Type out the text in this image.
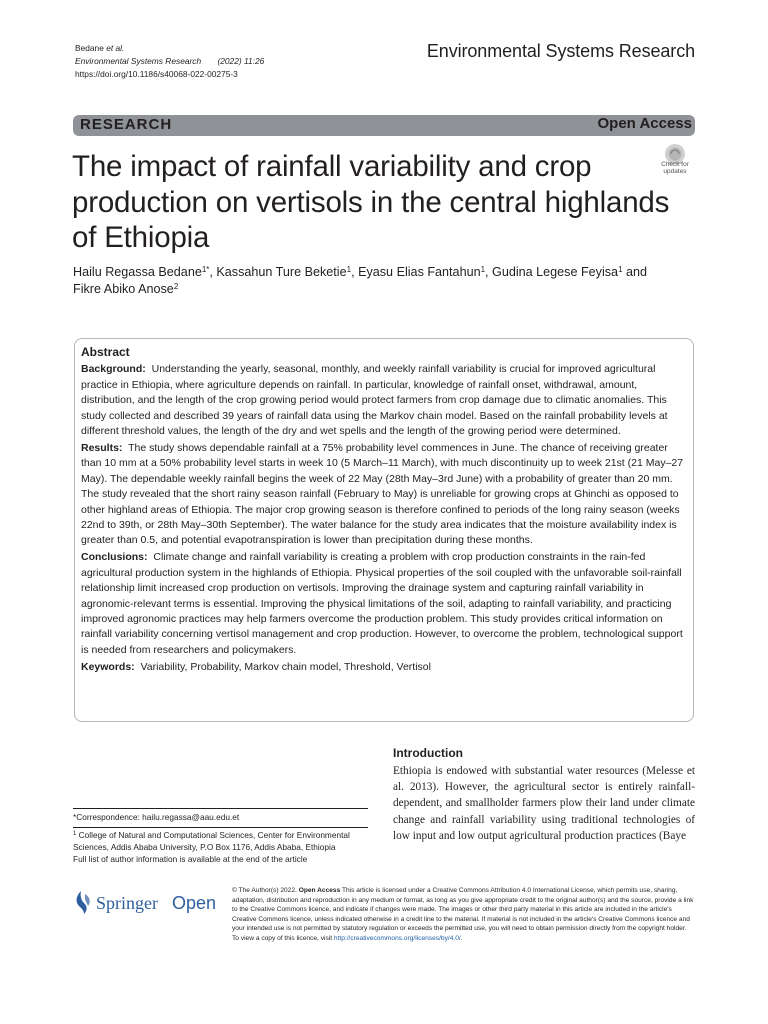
Bedane et al.
Environmental Systems Research (2022) 11:26
https://doi.org/10.1186/s40068-022-00275-3
Environmental Systems Research
RESEARCH	Open Access
The impact of rainfall variability and crop production on vertisols in the central highlands of Ethiopia
Check for
updates
Hailu Regassa Bedane$^{1*}$, Kassahun Ture Beketie$^1$, Eyasu Elias Fantahun$^1$, Gudina Legese Feyisa$^1$ and
Fikre Abiko Anose$^2$
Abstract

Background: Understanding the yearly, seasonal, monthly, and weekly rainfall variability is crucial for improved agricultural practice in Ethiopia, where agriculture depends on rainfall. In particular, knowledge of rainfall onset, withdrawal, amount, distribution, and the length of the crop growing period would protect farmers from crop damage due to climatic anomalies. This study collected and described 39 years of rainfall data using the Markov chain model. Based on the rainfall probability levels at different threshold values, the length of the dry and wet spells and the length of the growing period were determined.

Results: The study shows dependable rainfall at a 75% probability level commences in June. The chance of receiving greater than 10 mm at a 50% probability level starts in week 10 (5 March–11 March), with much discontinuity up to week 21st (21 May–27 May). The dependable weekly rainfall begins the week of 22 May (28th May–3rd June) with a probability of greater than 20 mm. The study revealed that the short rainy season rainfall (February to May) is unreliable for growing crops at Ghinchi as opposed to other highland areas of Ethiopia. The major crop growing season is therefore confined to periods of the long rainy season (weeks 22nd to 39th, or 28th May–30th September). The water balance for the study area indicates that the moisture availability index is greater than 0.5, and potential evapotranspiration is lower than precipitation during these months.

Conclusions: Climate change and rainfall variability is creating a problem with crop production constraints in the rain-fed agricultural production system in the highlands of Ethiopia. Physical properties of the soil coupled with the unfavorable soil-rainfall relationship limit increased crop production on vertisols. Improving the drainage system and capturing rainfall variability in agronomic-relevant terms is essential. Improving the physical limitations of the soil, adapting to rainfall variability, and practicing improved agronomic practices may help farmers overcome the production problem. This study provides critical information on rainfall variability concerning vertisol management and crop production. However, to overcome the problem, technological support is needed from researchers and policymakers.

Keywords: Variability, Probability, Markov chain model, Threshold, Vertisol

Introduction
Ethiopia is endowed with substantial water resources (Melesse et al. 2013). However, the agricultural sector is entirely rainfall-dependent, and smallholder farmers plow their land under climate change and rainfall variability using traditional technologies of low input and low output agricultural production practices (Baye
*Correspondence: hailu.regassa@aau.edu.et
$^1$ College of Natural and Computational Sciences, Center for Environmental Sciences, Addis Ababa University, P.O Box 1176, Addis Ababa, Ethiopia
Full list of author information is available at the end of the article
Springer Open
© The Author(s) 2022. Open Access This article is licensed under a Creative Commons Attribution 4.0 International License, which permits use, sharing, adaptation, distribution and reproduction in any medium or format, as long as you give appropriate credit to the original author(s) and the source, provide a link to the Creative Commons licence, and indicate if changes were made. The images or other third party material in this article are included in the article's Creative Commons licence, unless indicated otherwise in a credit line to the material. If material is not included in the article's Creative Commons licence and your intended use is not permitted by statutory regulation or exceeds the permitted use, you will need to obtain permission directly from the copyright holder. To view a copy of this licence, visit http://creativecommons.org/licenses/by/4.0/.
